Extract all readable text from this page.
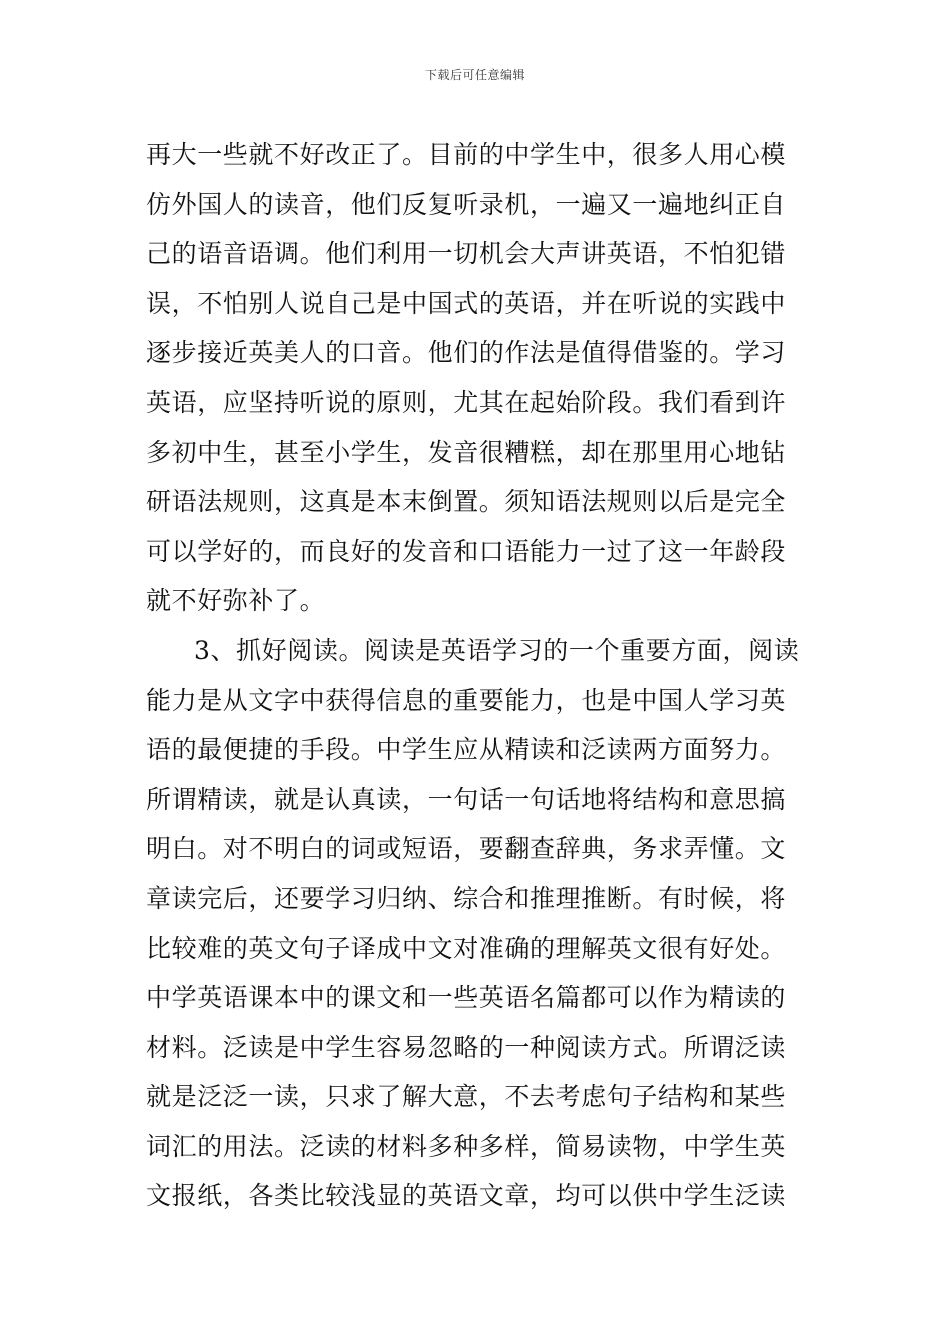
下载后可任意编辑
再大一些就不好改正了。目前的中学生中，很多人用心模
仿外国人的读音，他们反复听录机，一遍又一遍地纠正自
己的语音语调。他们利用一切机会大声讲英语，不怕犯错
误，不怕别人说自己是中国式的英语，并在听说的实践中
逐步接近英美人的口音。他们的作法是值得借鉴的。学习
英语，应坚持听说的原则，尤其在起始阶段。我们看到许
多初中生，甚至小学生，发音很糟糕，却在那里用心地钻
研语法规则，这真是本末倒置。须知语法规则以后是完全
可以学好的，而良好的发音和口语能力一过了这一年龄段
就不好弥补了。
3、抓好阅读。阅读是英语学习的一个重要方面，阅读
能力是从文字中获得信息的重要能力，也是中国人学习英
语的最便捷的手段。中学生应从精读和泛读两方面努力。
所谓精读，就是认真读，一句话一句话地将结构和意思搞
明白。对不明白的词或短语，要翻查辞典，务求弄懂。文
章读完后，还要学习归纳、综合和推理推断。有时候，将
比较难的英文句子译成中文对准确的理解英文很有好处。
中学英语课本中的课文和一些英语名篇都可以作为精读的
材料。泛读是中学生容易忽略的一种阅读方式。所谓泛读
就是泛泛一读，只求了解大意，不去考虑句子结构和某些
词汇的用法。泛读的材料多种多样，简易读物，中学生英
文报纸，各类比较浅显的英语文章，均可以供中学生泛读
